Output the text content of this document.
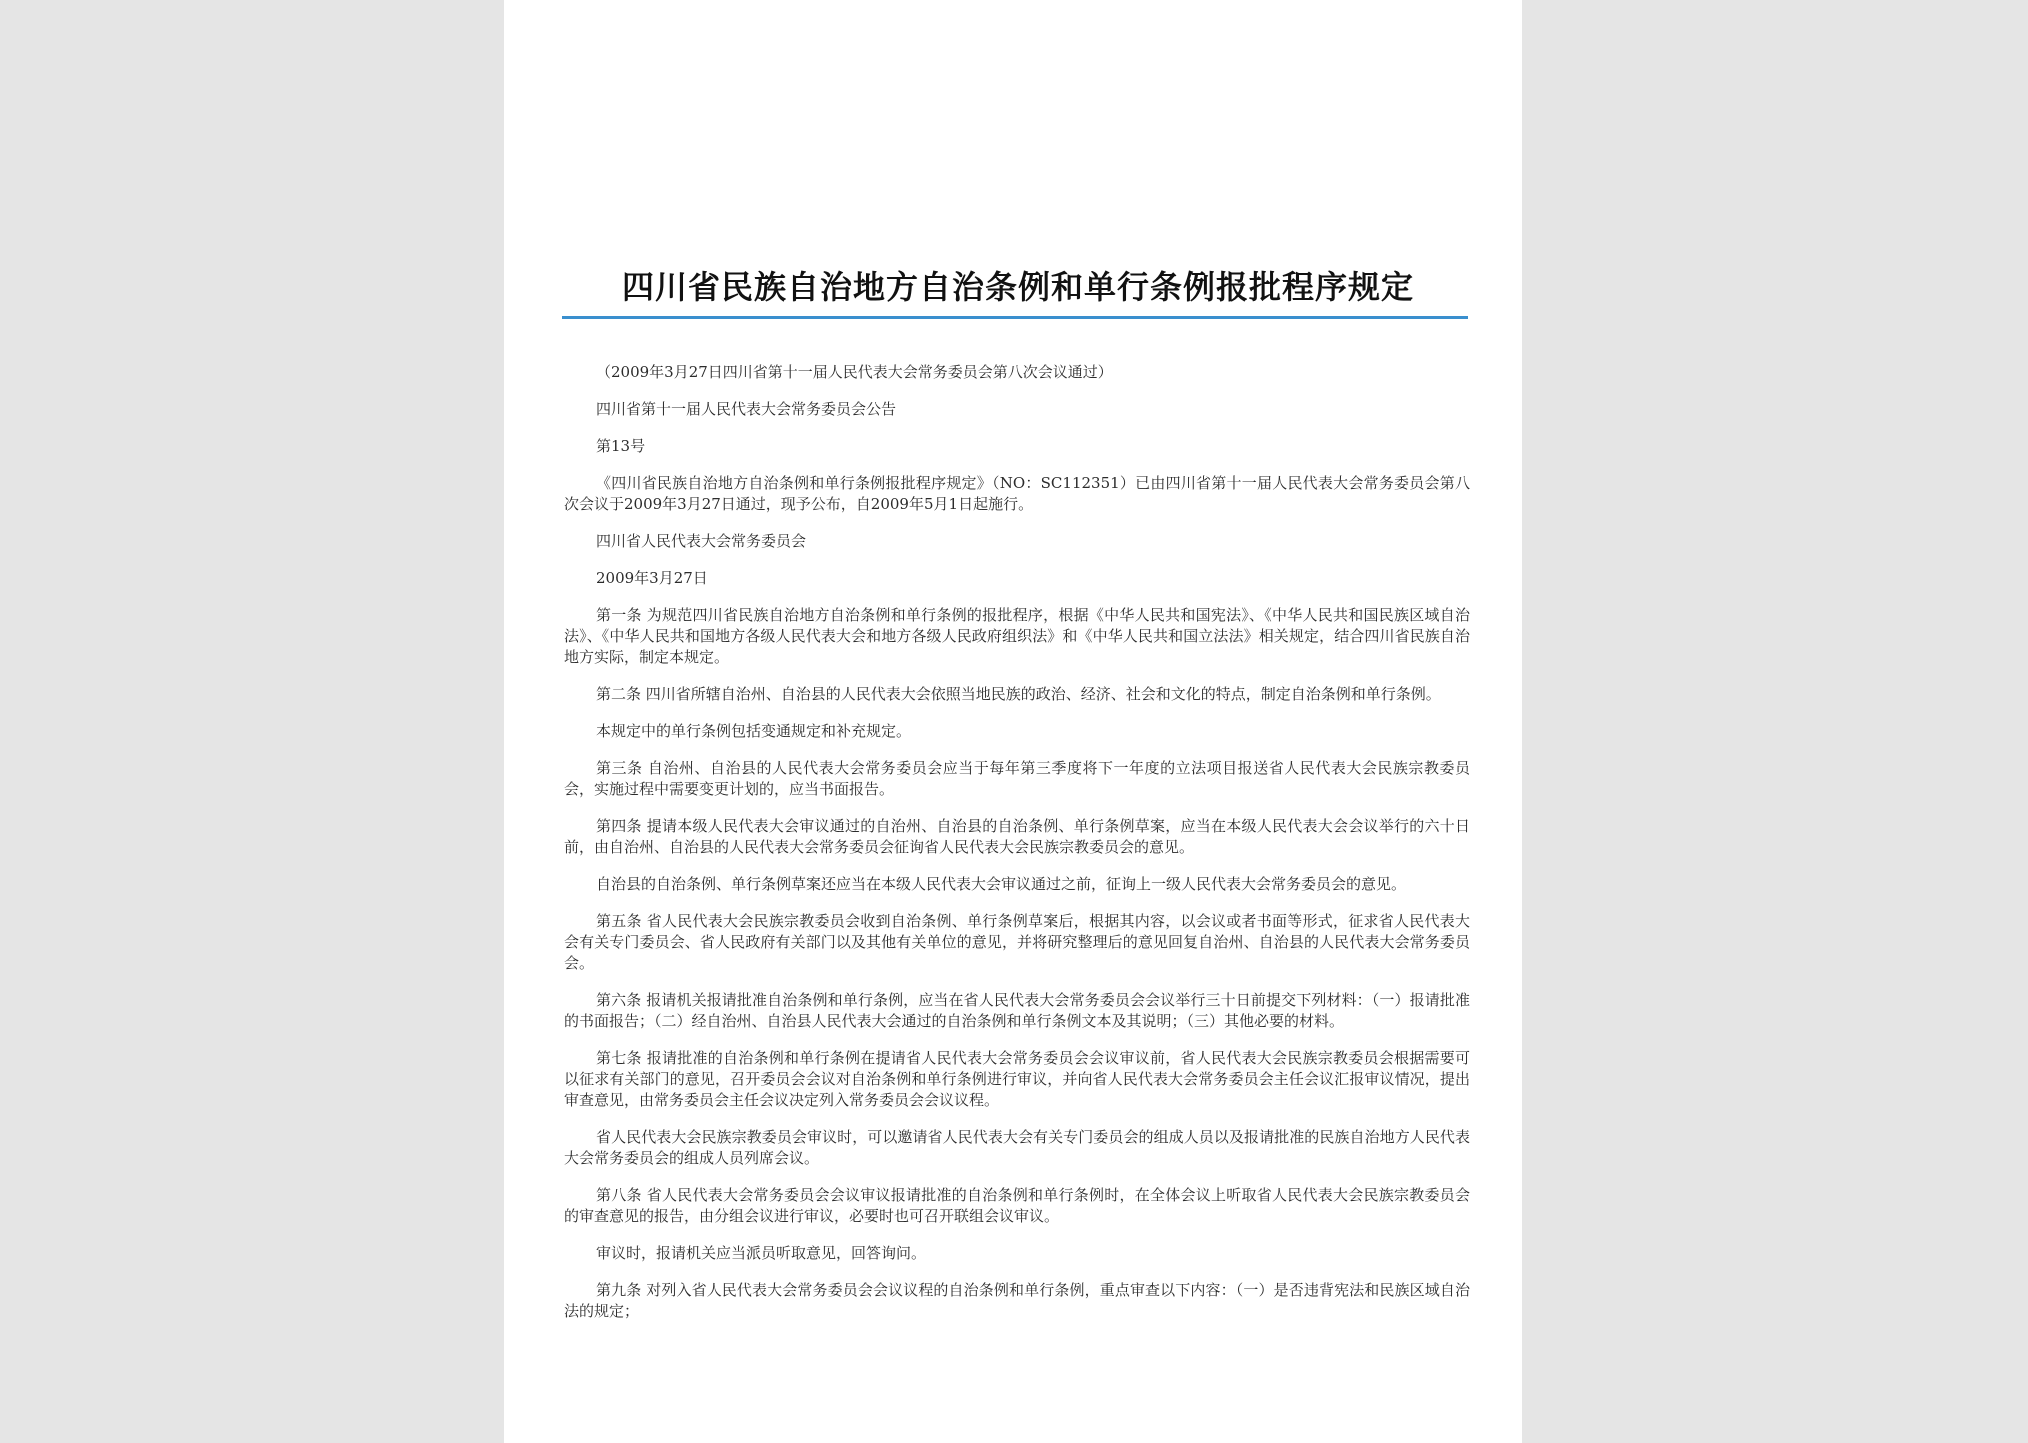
四川省民族自治地方自治条例和单行条例报批程序规定

（2009年3月27日四川省第十一届人民代表大会常务委员会第八次会议通过）

四川省第十一届人民代表大会常务委员会公告

第13号

《四川省民族自治地方自治条例和单行条例报批程序规定》（NO：SC112351）已由四川省第十一届人民代表大会常务委员会第八次会议于2009年3月27日通过，现予公布，自2009年5月1日起施行。

四川省人民代表大会常务委员会

2009年3月27日

第一条 为规范四川省民族自治地方自治条例和单行条例的报批程序，根据《中华人民共和国宪法》、《中华人民共和国民族区域自治法》、《中华人民共和国地方各级人民代表大会和地方各级人民政府组织法》和《中华人民共和国立法法》相关规定，结合四川省民族自治地方实际，制定本规定。

第二条 四川省所辖自治州、自治县的人民代表大会依照当地民族的政治、经济、社会和文化的特点，制定自治条例和单行条例。

本规定中的单行条例包括变通规定和补充规定。

第三条 自治州、自治县的人民代表大会常务委员会应当于每年第三季度将下一年度的立法项目报送省人民代表大会民族宗教委员会，实施过程中需要变更计划的，应当书面报告。

第四条 提请本级人民代表大会审议通过的自治州、自治县的自治条例、单行条例草案，应当在本级人民代表大会会议举行的六十日前，由自治州、自治县的人民代表大会常务委员会征询省人民代表大会民族宗教委员会的意见。

自治县的自治条例、单行条例草案还应当在本级人民代表大会审议通过之前，征询上一级人民代表大会常务委员会的意见。

第五条 省人民代表大会民族宗教委员会收到自治条例、单行条例草案后，根据其内容，以会议或者书面等形式，征求省人民代表大会有关专门委员会、省人民政府有关部门以及其他有关单位的意见，并将研究整理后的意见回复自治州、自治县的人民代表大会常务委员会。

第六条 报请机关报请批准自治条例和单行条例，应当在省人民代表大会常务委员会会议举行三十日前提交下列材料：（一）报请批准的书面报告；（二）经自治州、自治县人民代表大会通过的自治条例和单行条例文本及其说明；（三）其他必要的材料。

第七条 报请批准的自治条例和单行条例在提请省人民代表大会常务委员会会议审议前，省人民代表大会民族宗教委员会根据需要可以征求有关部门的意见，召开委员会会议对自治条例和单行条例进行审议，并向省人民代表大会常务委员会主任会议汇报审议情况，提出审查意见，由常务委员会主任会议决定列入常务委员会会议议程。

省人民代表大会民族宗教委员会审议时，可以邀请省人民代表大会有关专门委员会的组成人员以及报请批准的民族自治地方人民代表大会常务委员会的组成人员列席会议。

第八条 省人民代表大会常务委员会会议审议报请批准的自治条例和单行条例时，在全体会议上听取省人民代表大会民族宗教委员会的审查意见的报告，由分组会议进行审议，必要时也可召开联组会议审议。

审议时，报请机关应当派员听取意见，回答询问。

第九条 对列入省人民代表大会常务委员会会议议程的自治条例和单行条例，重点审查以下内容：（一）是否违背宪法和民族区域自治法的规定；
